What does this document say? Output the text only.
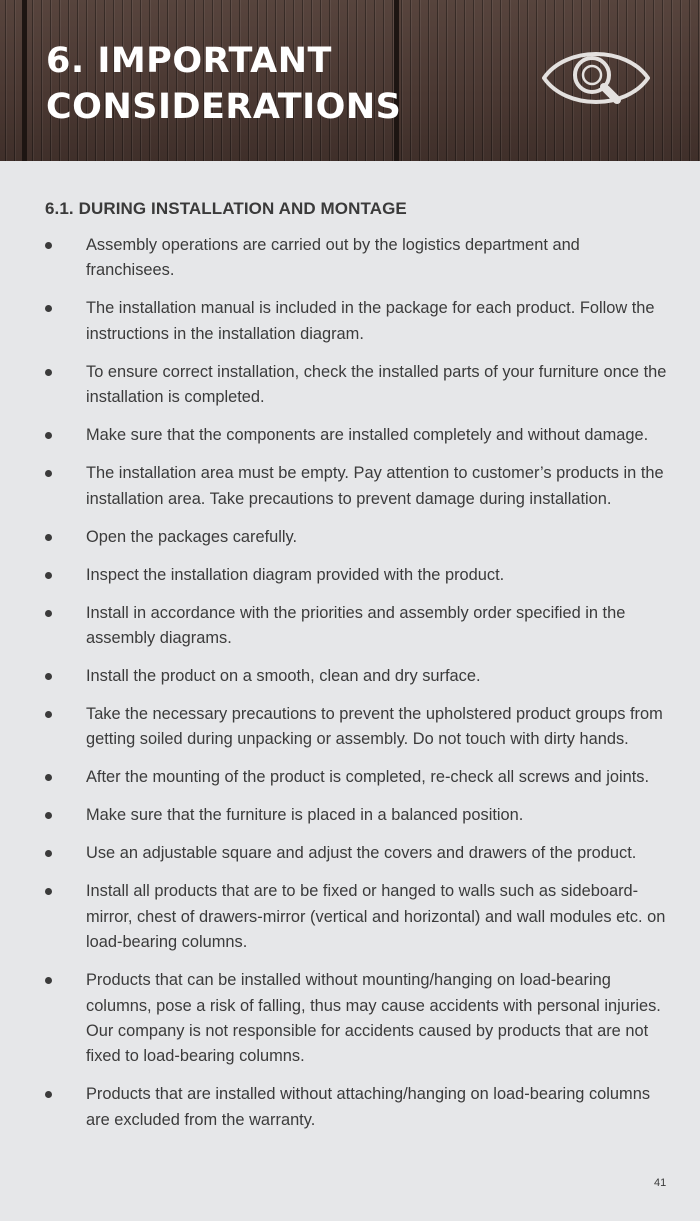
6. IMPORTANT
CONSIDERATIONS
6.1. DURING INSTALLATION AND MONTAGE
Assembly operations are carried out by the logistics department and franchisees.
The installation manual is included in the package for each product. Follow the instructions in the installation diagram.
To ensure correct installation, check the installed parts of your furniture once the installation is completed.
Make sure that the components are installed completely and without damage.
The installation area must be empty. Pay attention to customer’s products in the installation area. Take precautions to prevent damage during installation.
Open the packages carefully.
Inspect the installation diagram provided with the product.
Install in accordance with the priorities and assembly order specified in the assembly diagrams.
Install the product on a smooth, clean and dry surface.
Take the necessary precautions to prevent the upholstered product groups from getting soiled during unpacking or assembly. Do not touch with dirty hands.
After the mounting of the product is completed, re-check all screws and joints.
Make sure that the furniture is placed in a balanced position.
Use an adjustable square and adjust the covers and drawers of the product.
Install all products that are to be fixed or hanged to walls such as sideboard-mirror, chest of drawers-mirror (vertical and horizontal) and wall modules etc. on load-bearing columns.
Products that can be installed without mounting/hanging on load-bearing columns, pose a risk of falling, thus may cause accidents with personal injuries. Our company is not responsible for accidents caused by products that are not fixed to load-bearing columns.
Products that are installed without attaching/hanging on load-bearing columns are excluded from the warranty.
41
